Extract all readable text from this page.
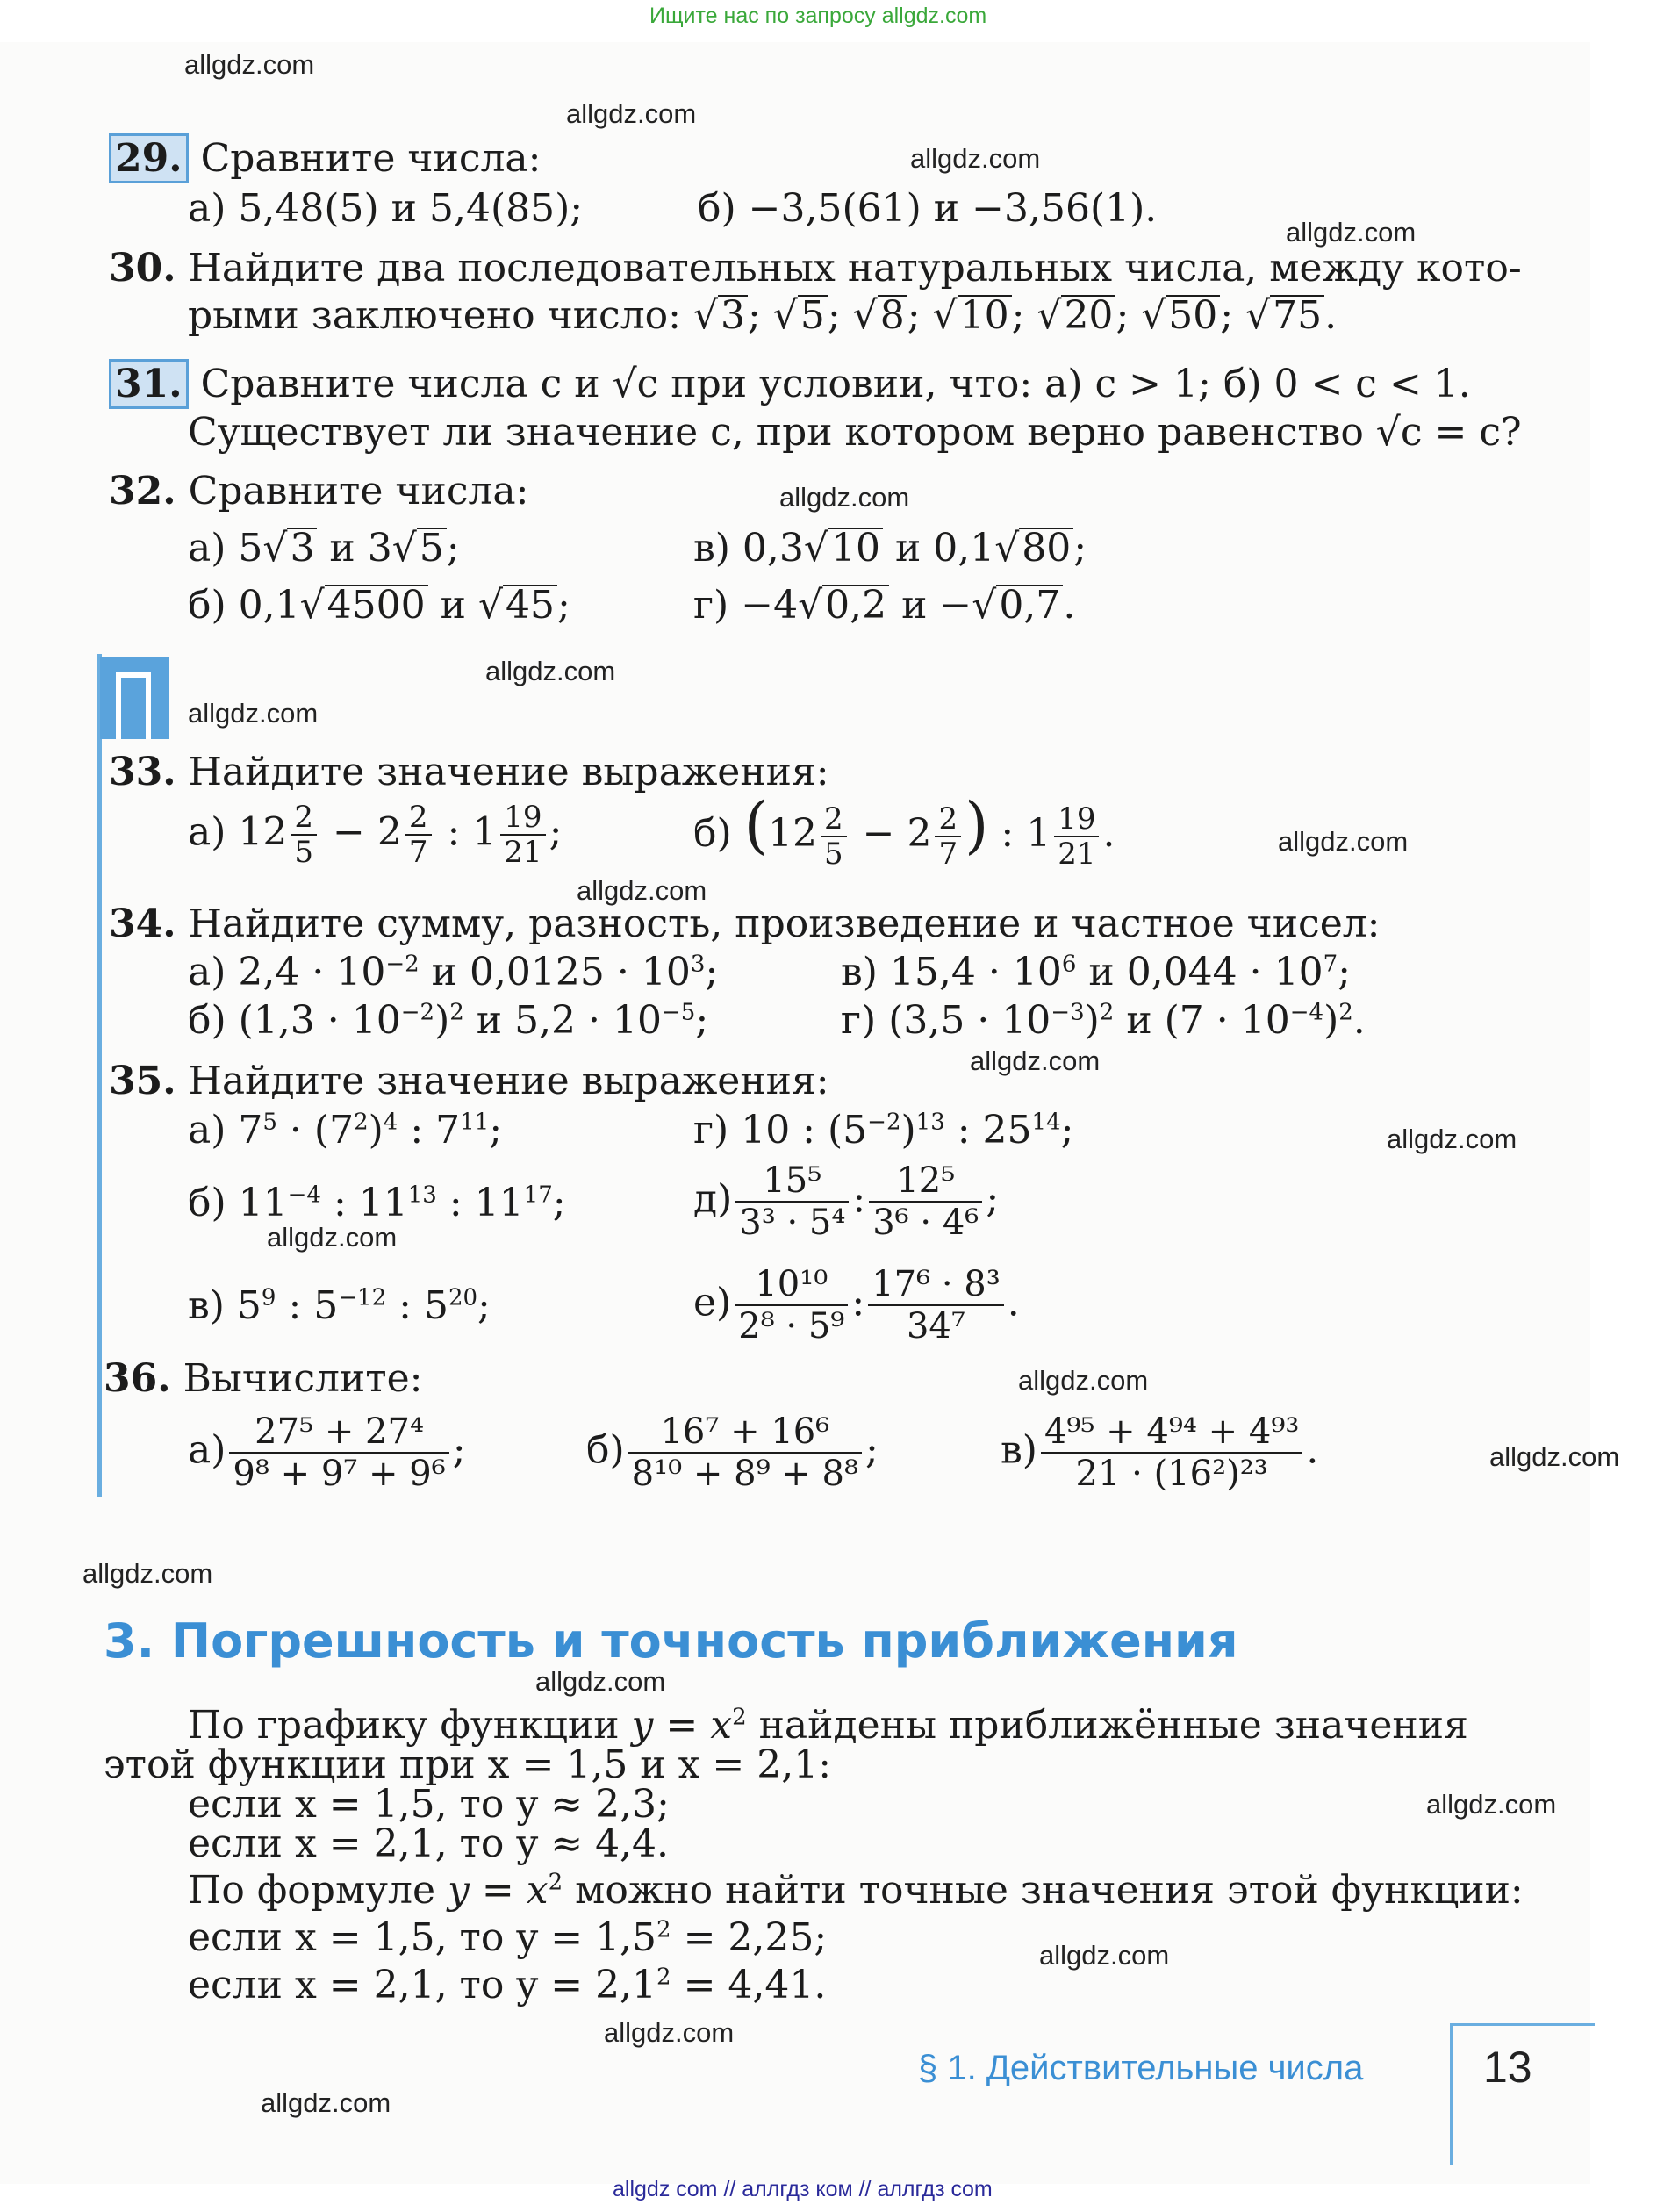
Ищите нас по запросу allgdz.com
29. Сравните числа:
а) 5,48(5) и 5,4(85);	б) −3,5(61) и −3,56(1).
30. Найдите два последовательных натуральных числа, между кото-
рыми заключено число: √3; √5; √8; √10; √20; √50; √75.
31. Сравните числа c и √c при условии, что: а) c > 1; б) 0 < c < 1.
Существует ли значение c, при котором верно равенство √c = c?
32. Сравните числа:
а) 5√3 и 3√5;	в) 0,3√10 и 0,1√80;
б) 0,1√4500 и √45;	г) −4√0,2 и −√0,7.
33. Найдите значение выражения:
а) $12 \frac{2}{5} - 2 \frac{2}{7}$ : $1 \frac{19}{21}$ ;	б) ($12 \frac{2}{5} - 2 \frac{2}{7}$ ) : $1 \frac{19}{21}$ .
34. Найдите сумму, разность, произведение и частное чисел:
а) $2,4 \cdot 10^{-2}$ и $0,0125 \cdot 10^3$;	в) $15,4 \cdot 10^6$ и $0,044 \cdot 10^7$;
б) $(1,3 \cdot 10^{-2})^2$ и $5,2 \cdot 10^{-5}$;	г) $(3,5 \cdot 10^{-3})^2$ и $(7 \cdot 10^{-4})^2$.
35. Найдите значение выражения:
а) $7^5 \cdot (7^2)^4$ : $7^{11}$;	г) 10 : $(5^{-2})^{13}$ : $25^{14}$;
б) $11^{-4}$ : $11^{13}$ : $11^{17}$;	$д) \frac{\text{15⁵}}{\text{3³ · 5⁴}}$ : $\frac{\text{12⁵}}{\text{3⁶ · 4⁶}}$ ;
в) $5^9$ : $5^{-12}$ : $5^{20}$;	$е) \frac{\text{10¹⁰}}{\text{2⁸ · 5⁹}}$ : $\frac{\text{17⁶ · 8³}}{\text{34⁷}}$ .
36. Вычислите:
$а) \frac{\text{27⁵ + 27⁴}}{\text{9⁸ + 9⁷ + 9⁶}}$ ;	$б) \frac{\text{16⁷ + 16⁶}}{\text{8¹⁰ + 8⁹ + 8⁸}}$ ;	$в) \frac{\text{4⁹⁵ + 4⁹⁴ + 4⁹³}}{\text{21 · (16²)²³}}$ .
3. Погрешность и точность приближения
По графику функции $y = x^2$ найдены приближённые значения
этой функции при x = 1,5 и x = 2,1:
если x = 1,5, то y ≈ 2,3;
если x = 2,1, то y ≈ 4,4.
По формуле $y = x^2$ можно найти точные значения этой функции:
если x = 1,5, то $y = 1,5^2 = 2,25$;
если x = 2,1, то $y = 2,1^2 = 4,41$.
§ 1. Действительные числа	13
allgdz.com
allgdz.com
allgdz.com
allgdz.com
allgdz.com
allgdz.com
allgdz.com
allgdz.com
allgdz.com
allgdz.com
allgdz.com
allgdz.com
allgdz.com
allgdz.com
allgdz.com
allgdz.com
allgdz.com
allgdz.com
allgdz.com
allgdz.com
allgdz com // аллгдз ком // аллгдз com
